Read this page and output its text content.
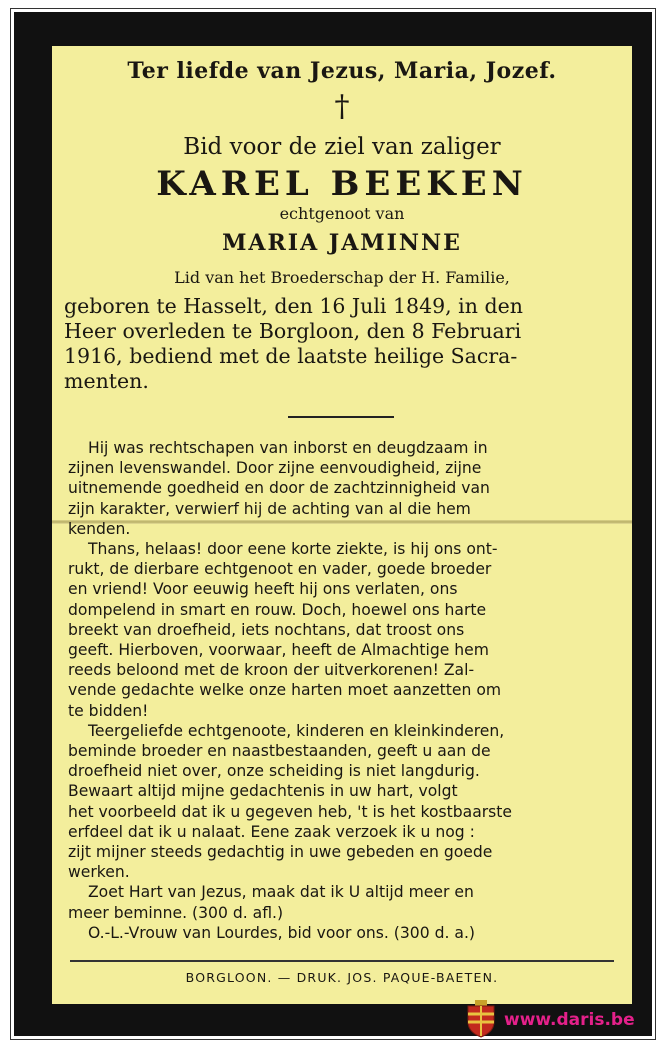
Ter liefde van Jezus, Maria, Jozef.
†
Bid voor de ziel van zaliger
KAREL BEEKEN
echtgenoot van
MARIA JAMINNE
Lid van het Broederschap der H. Familie,
geboren te Hasselt, den 16 Juli 1849, in den
Heer overleden te Borgloon, den 8 Februari
1916, bediend met de laatste heilige Sacra-
menten.
Hij was rechtschapen van inborst en deugdzaam in
zijnen levenswandel. Door zijne eenvoudigheid, zijne
uitnemende goedheid en door de zachtzinnigheid van
zijn karakter, verwierf hij de achting van al die hem
kenden.
Thans, helaas! door eene korte ziekte, is hij ons ont-
rukt, de dierbare echtgenoot en vader, goede broeder
en vriend! Voor eeuwig heeft hij ons verlaten, ons
dompelend in smart en rouw. Doch, hoewel ons harte
breekt van droefheid, iets nochtans, dat troost ons
geeft. Hierboven, voorwaar, heeft de Almachtige hem
reeds beloond met de kroon der uitverkorenen! Zal-
vende gedachte welke onze harten moet aanzetten om
te bidden!
Teergeliefde echtgenoote, kinderen en kleinkinderen,
beminde broeder en naastbestaanden, geeft u aan de
droefheid niet over, onze scheiding is niet langdurig.
Bewaart altijd mijne gedachtenis in uw hart, volgt
het voorbeeld dat ik u gegeven heb, 't is het kostbaarste
erfdeel dat ik u nalaat. Eene zaak verzoek ik u nog :
zijt mijner steeds gedachtig in uwe gebeden en goede
werken.
Zoet Hart van Jezus, maak dat ik U altijd meer en
meer beminne. (300 d. afl.)
O.-L.-Vrouw van Lourdes, bid voor ons. (300 d. a.)
BORGLOON. — DRUK. JOS. PAQUE-BAETEN.
www.daris.be
